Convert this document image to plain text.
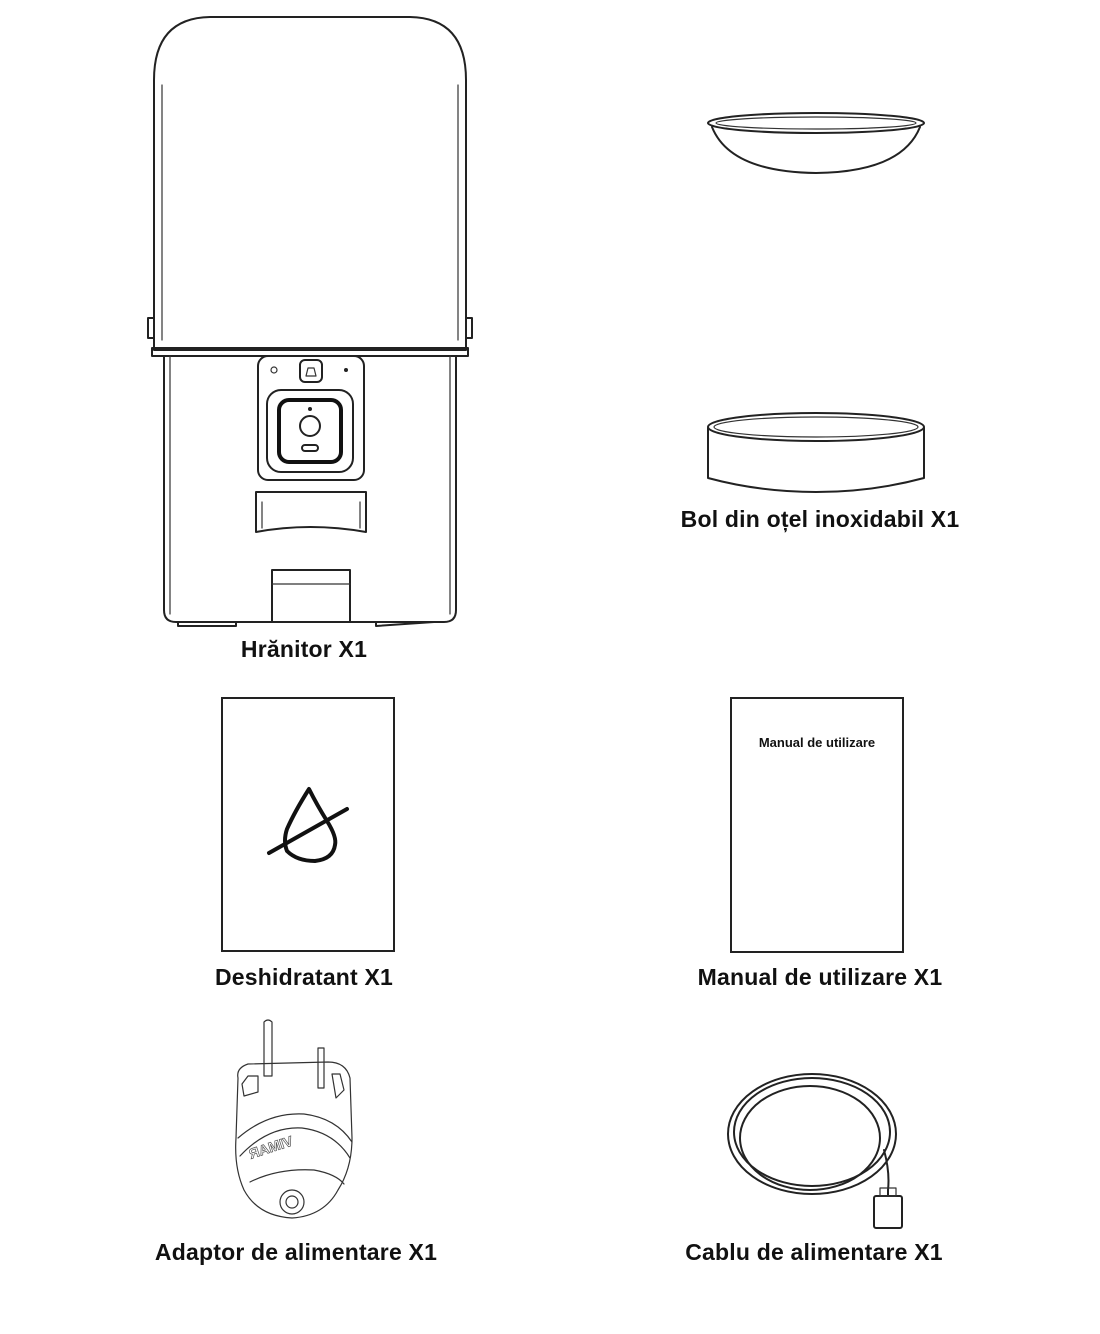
Hrănitor X1
Bol din oțel inoxidabil X1
Deshidratant X1
Manual de utilizare
Manual de utilizare X1
VIMAR
Adaptor de alimentare X1	Cablu de alimentare X1
